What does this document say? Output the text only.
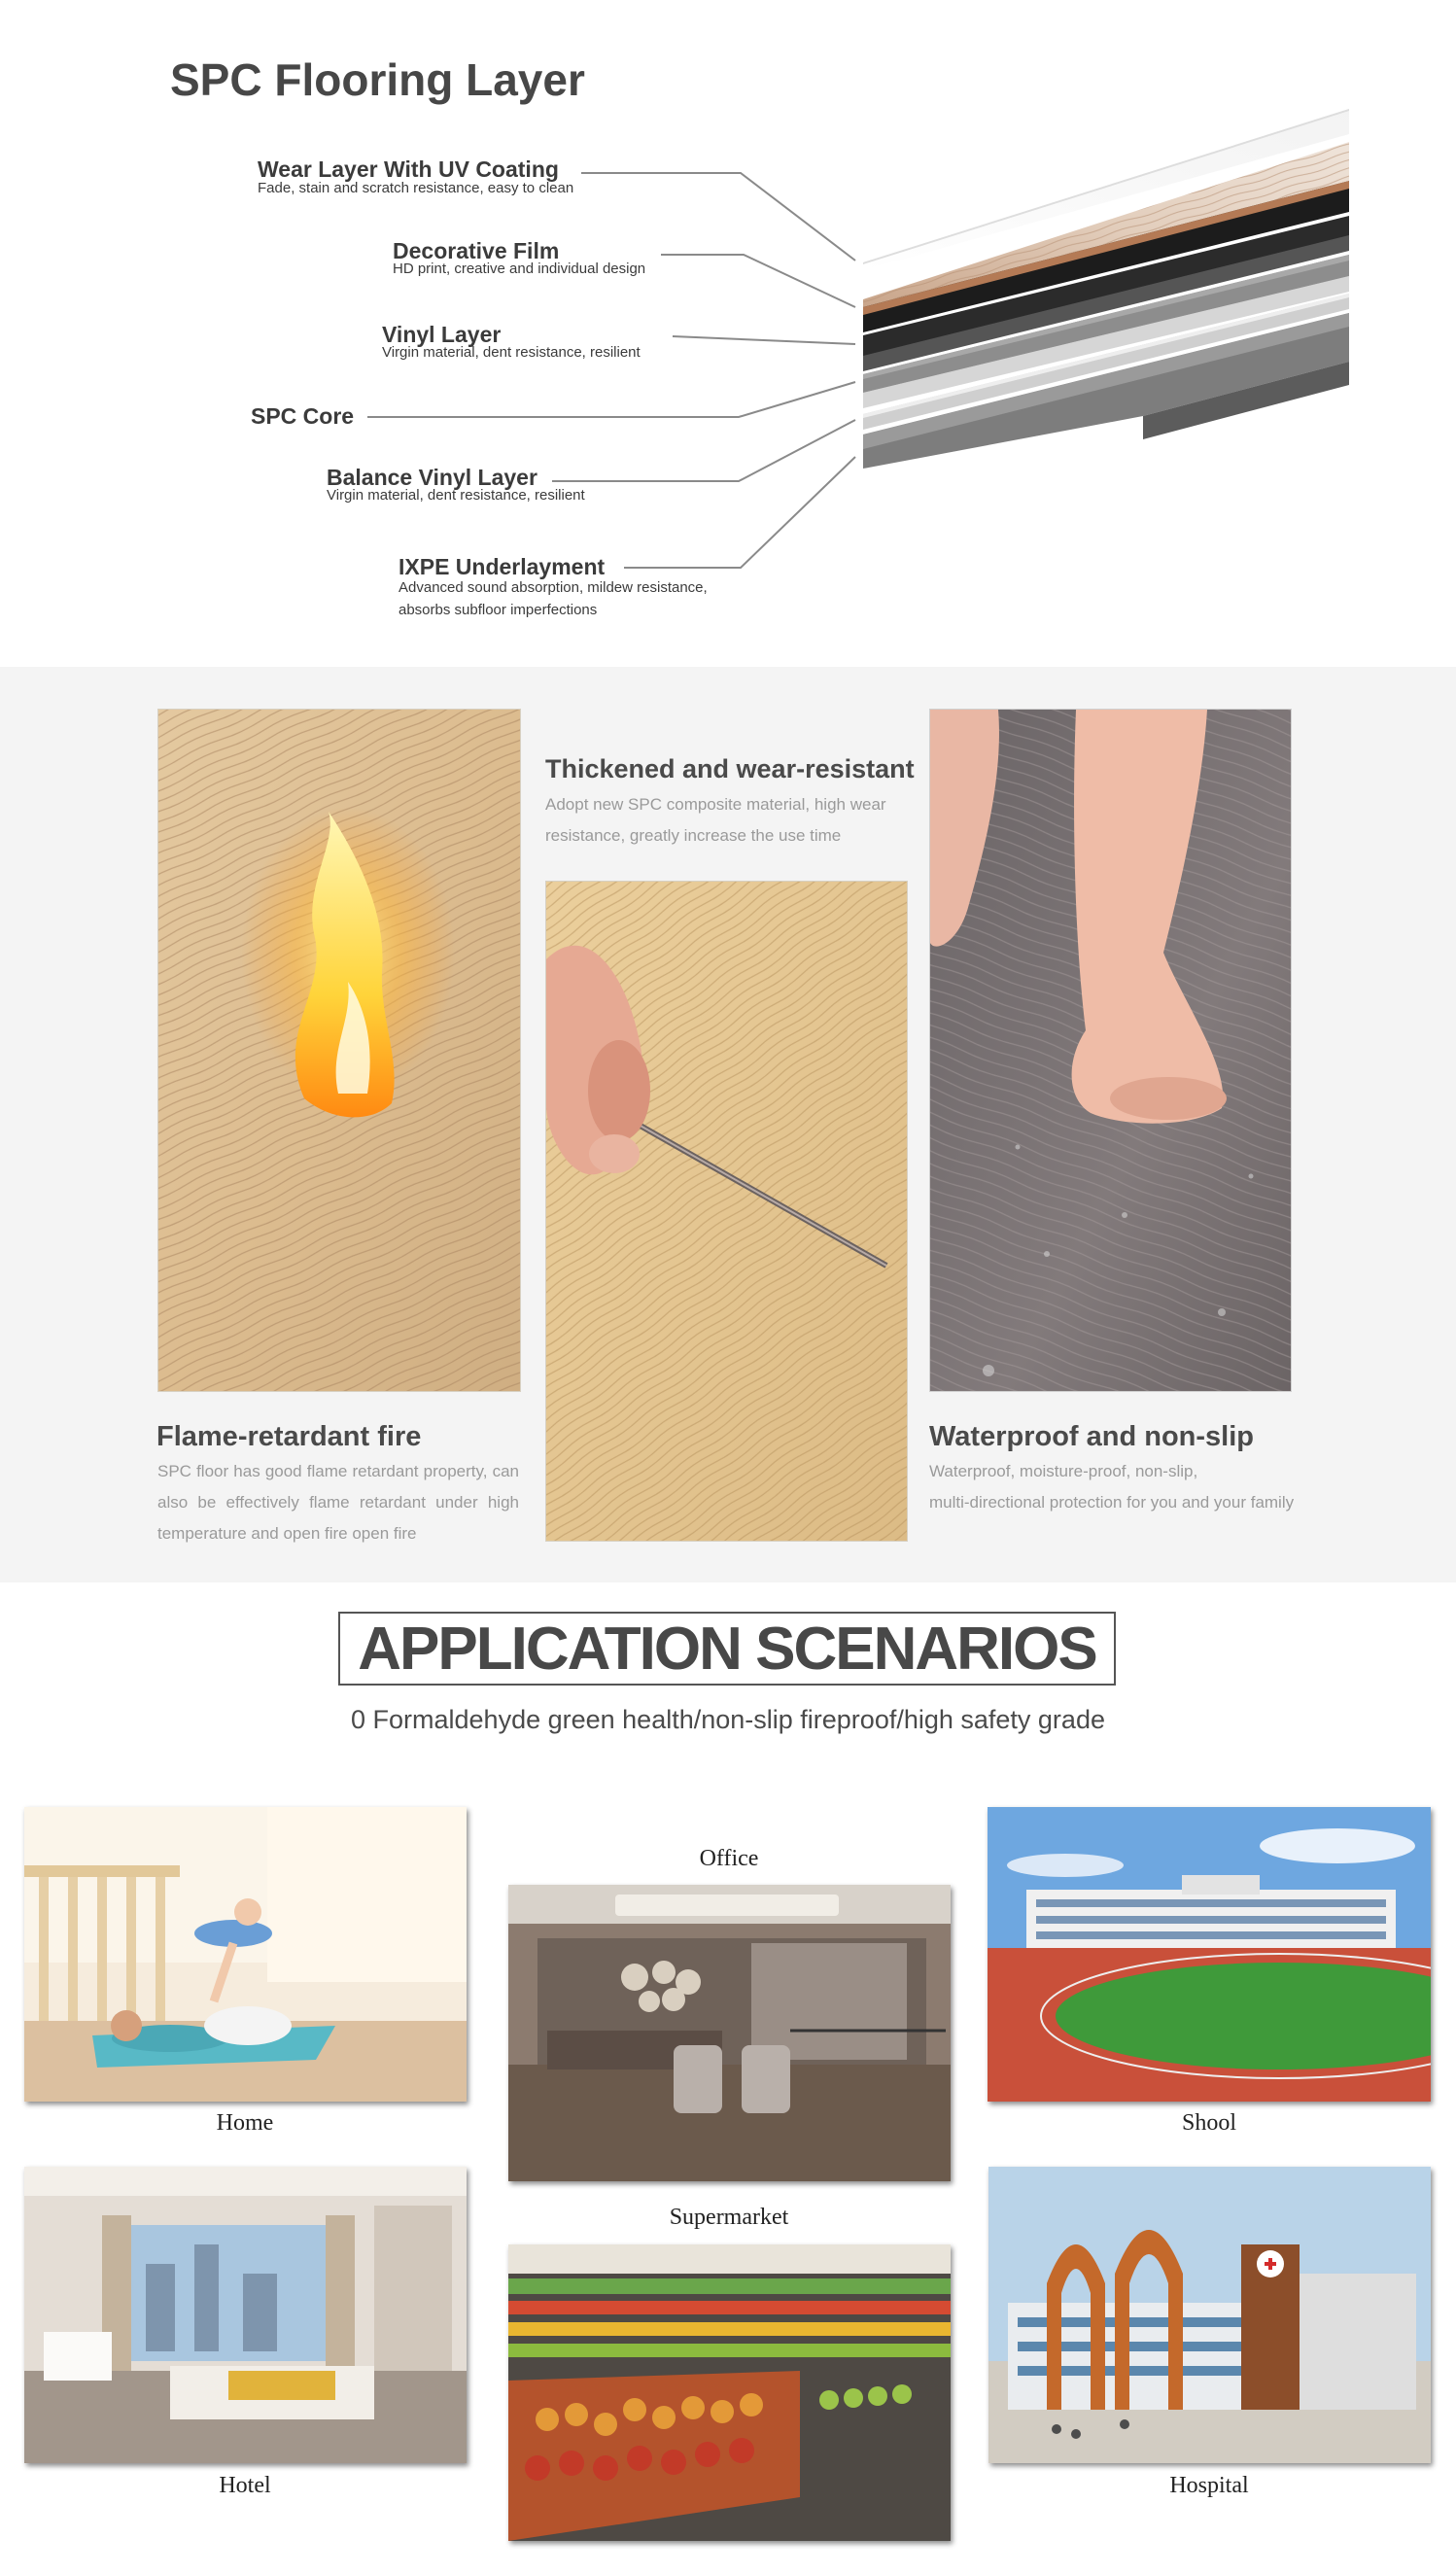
SPC Flooring Layer
Wear Layer With UV Coating
Fade, stain and scratch resistance, easy to clean
Decorative Film
HD print, creative and individual design
Vinyl Layer
Virgin material, dent resistance, resilient
SPC Core
Balance Vinyl Layer
Virgin material, dent resistance, resilient
IXPE Underlayment
Advanced sound absorption, mildew resistance,
absorbs subfloor imperfections
Flame-retardant fire
SPC floor has good flame retardant property, can also be effectively flame retardant under high temperature and open fire open fire
Thickened and wear-resistant
Adopt new SPC composite material, high wear resistance, greatly increase the use time
Waterproof and non-slip
Waterproof, moisture-proof, non-slip,
multi-directional protection for you and your family
APPLICATION SCENARIOS
0 Formaldehyde green health/non-slip fireproof/high safety grade
Home
Office
Shool
Hotel
Supermarket
Hospital
